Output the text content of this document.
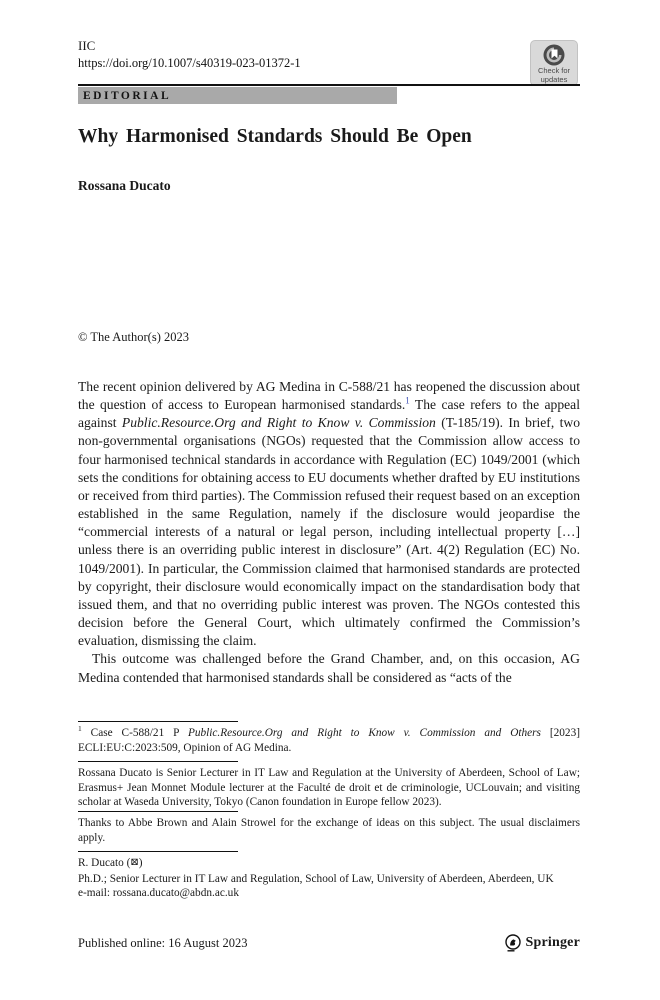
IIC
https://doi.org/10.1007/s40319-023-01372-1
Check for
updates
EDITORIAL
Why Harmonised Standards Should Be Open
Rossana Ducato
© The Author(s) 2023

The recent opinion delivered by AG Medina in C-588/21 has reopened the discussion about the question of access to European harmonised standards.$^1$ The case refers to the appeal against Public.Resource.Org and Right to Know v. Commission (T-185/19). In brief, two non-governmental organisations (NGOs) requested that the Commission allow access to four harmonised technical standards in accordance with Regulation (EC) 1049/2001 (which sets the conditions for obtaining access to EU documents whether drafted by EU institutions or received from third parties). The Commission refused their request based on an exception established in the same Regulation, namely if the disclosure would jeopardise the “commercial interests of a natural or legal person, including intellectual property […] unless there is an overriding public interest in disclosure” (Art. 4(2) Regulation (EC) No. 1049/2001). In particular, the Commission claimed that harmonised standards are protected by copyright, their disclosure would economically impact on the standardisation body that issued them, and that no overriding public interest was proven. The NGOs contested this decision before the General Court, which ultimately confirmed the Commission’s evaluation, dismissing the claim.

This outcome was challenged before the Grand Chamber, and, on this occasion, AG Medina contended that harmonised standards shall be considered as “acts of the

$^1$ Case C-588/21 P Public.Resource.Org and Right to Know v. Commission and Others [2023] ECLI:EU:C:2023:509, Opinion of AG Medina.

Rossana Ducato is Senior Lecturer in IT Law and Regulation at the University of Aberdeen, School of Law; Erasmus+ Jean Monnet Module lecturer at the Faculté de droit et de criminologie, UCLouvain; and visiting scholar at Waseda University, Tokyo (Canon foundation in Europe fellow 2023).

Thanks to Abbe Brown and Alain Strowel for the exchange of ideas on this subject. The usual disclaimers apply.

R. Ducato (⊠)

Ph.D.; Senior Lecturer in IT Law and Regulation, School of Law, University of Aberdeen, Aberdeen, UK

e-mail: rossana.ducato@abdn.ac.uk

Published online: 16 August 2023	Springer
